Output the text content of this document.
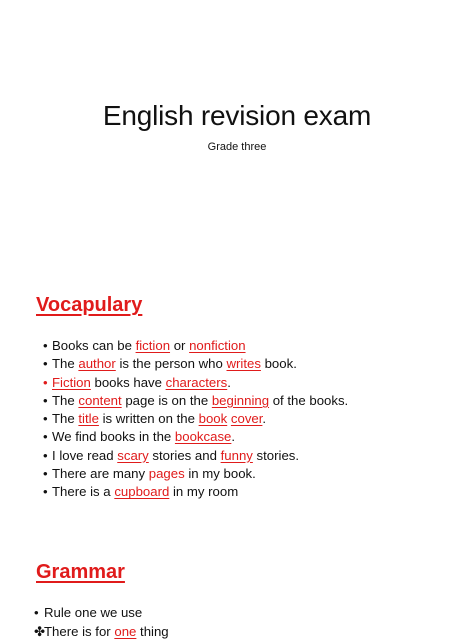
English revision exam
Grade three
Vocapulary
• Books can be fiction or nonfiction
• The author is the person who writes book.
• Fiction books have characters.
• The content page is on the beginning of the books.
• The title is written on the book cover.
• We find books in the bookcase.
• I love read scary stories and funny stories.
• There are many pages in my book.
• There is a cupboard in my room
Grammar
• Rule one we use
✤There is for one thing
